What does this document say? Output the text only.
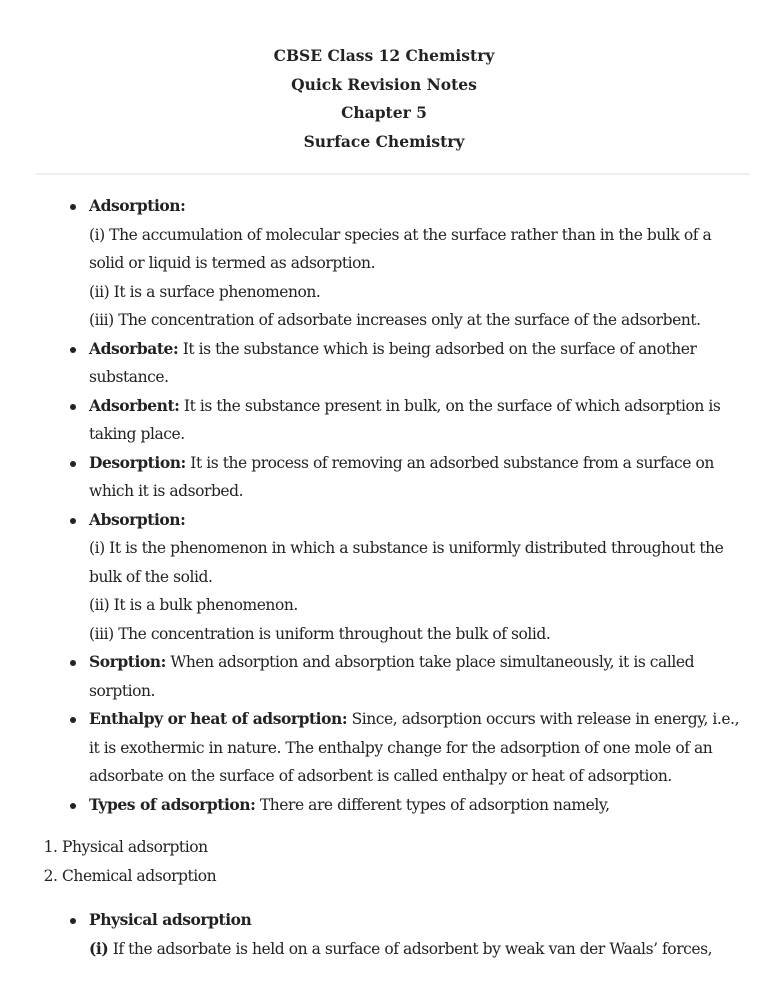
CBSE Class 12 Chemistry

Quick Revision Notes

Chapter 5

Surface Chemistry

Adsorption:
(i) The accumulation of molecular species at the surface rather than in the bulk of a solid or liquid is termed as adsorption.
(ii) It is a surface phenomenon.
(iii) The concentration of adsorbate increases only at the surface of the adsorbent.
Adsorbate: It is the substance which is being adsorbed on the surface of another substance.
Adsorbent: It is the substance present in bulk, on the surface of which adsorption is taking place.
Desorption: It is the process of removing an adsorbed substance from a surface on which it is adsorbed.
Absorption:
(i) It is the phenomenon in which a substance is uniformly distributed throughout the bulk of the solid.
(ii) It is a bulk phenomenon.
(iii) The concentration is uniform throughout the bulk of solid.
Sorption: When adsorption and absorption take place simultaneously, it is called sorption.
Enthalpy or heat of adsorption: Since, adsorption occurs with release in energy, i.e., it is exothermic in nature. The enthalpy change for the adsorption of one mole of an adsorbate on the surface of adsorbent is called enthalpy or heat of adsorption.
Types of adsorption: There are different types of adsorption namely,
1. Physical adsorption
2. Chemical adsorption
Physical adsorption
(i) If the adsorbate is held on a surface of adsorbent by weak van der Waals’ forces,
